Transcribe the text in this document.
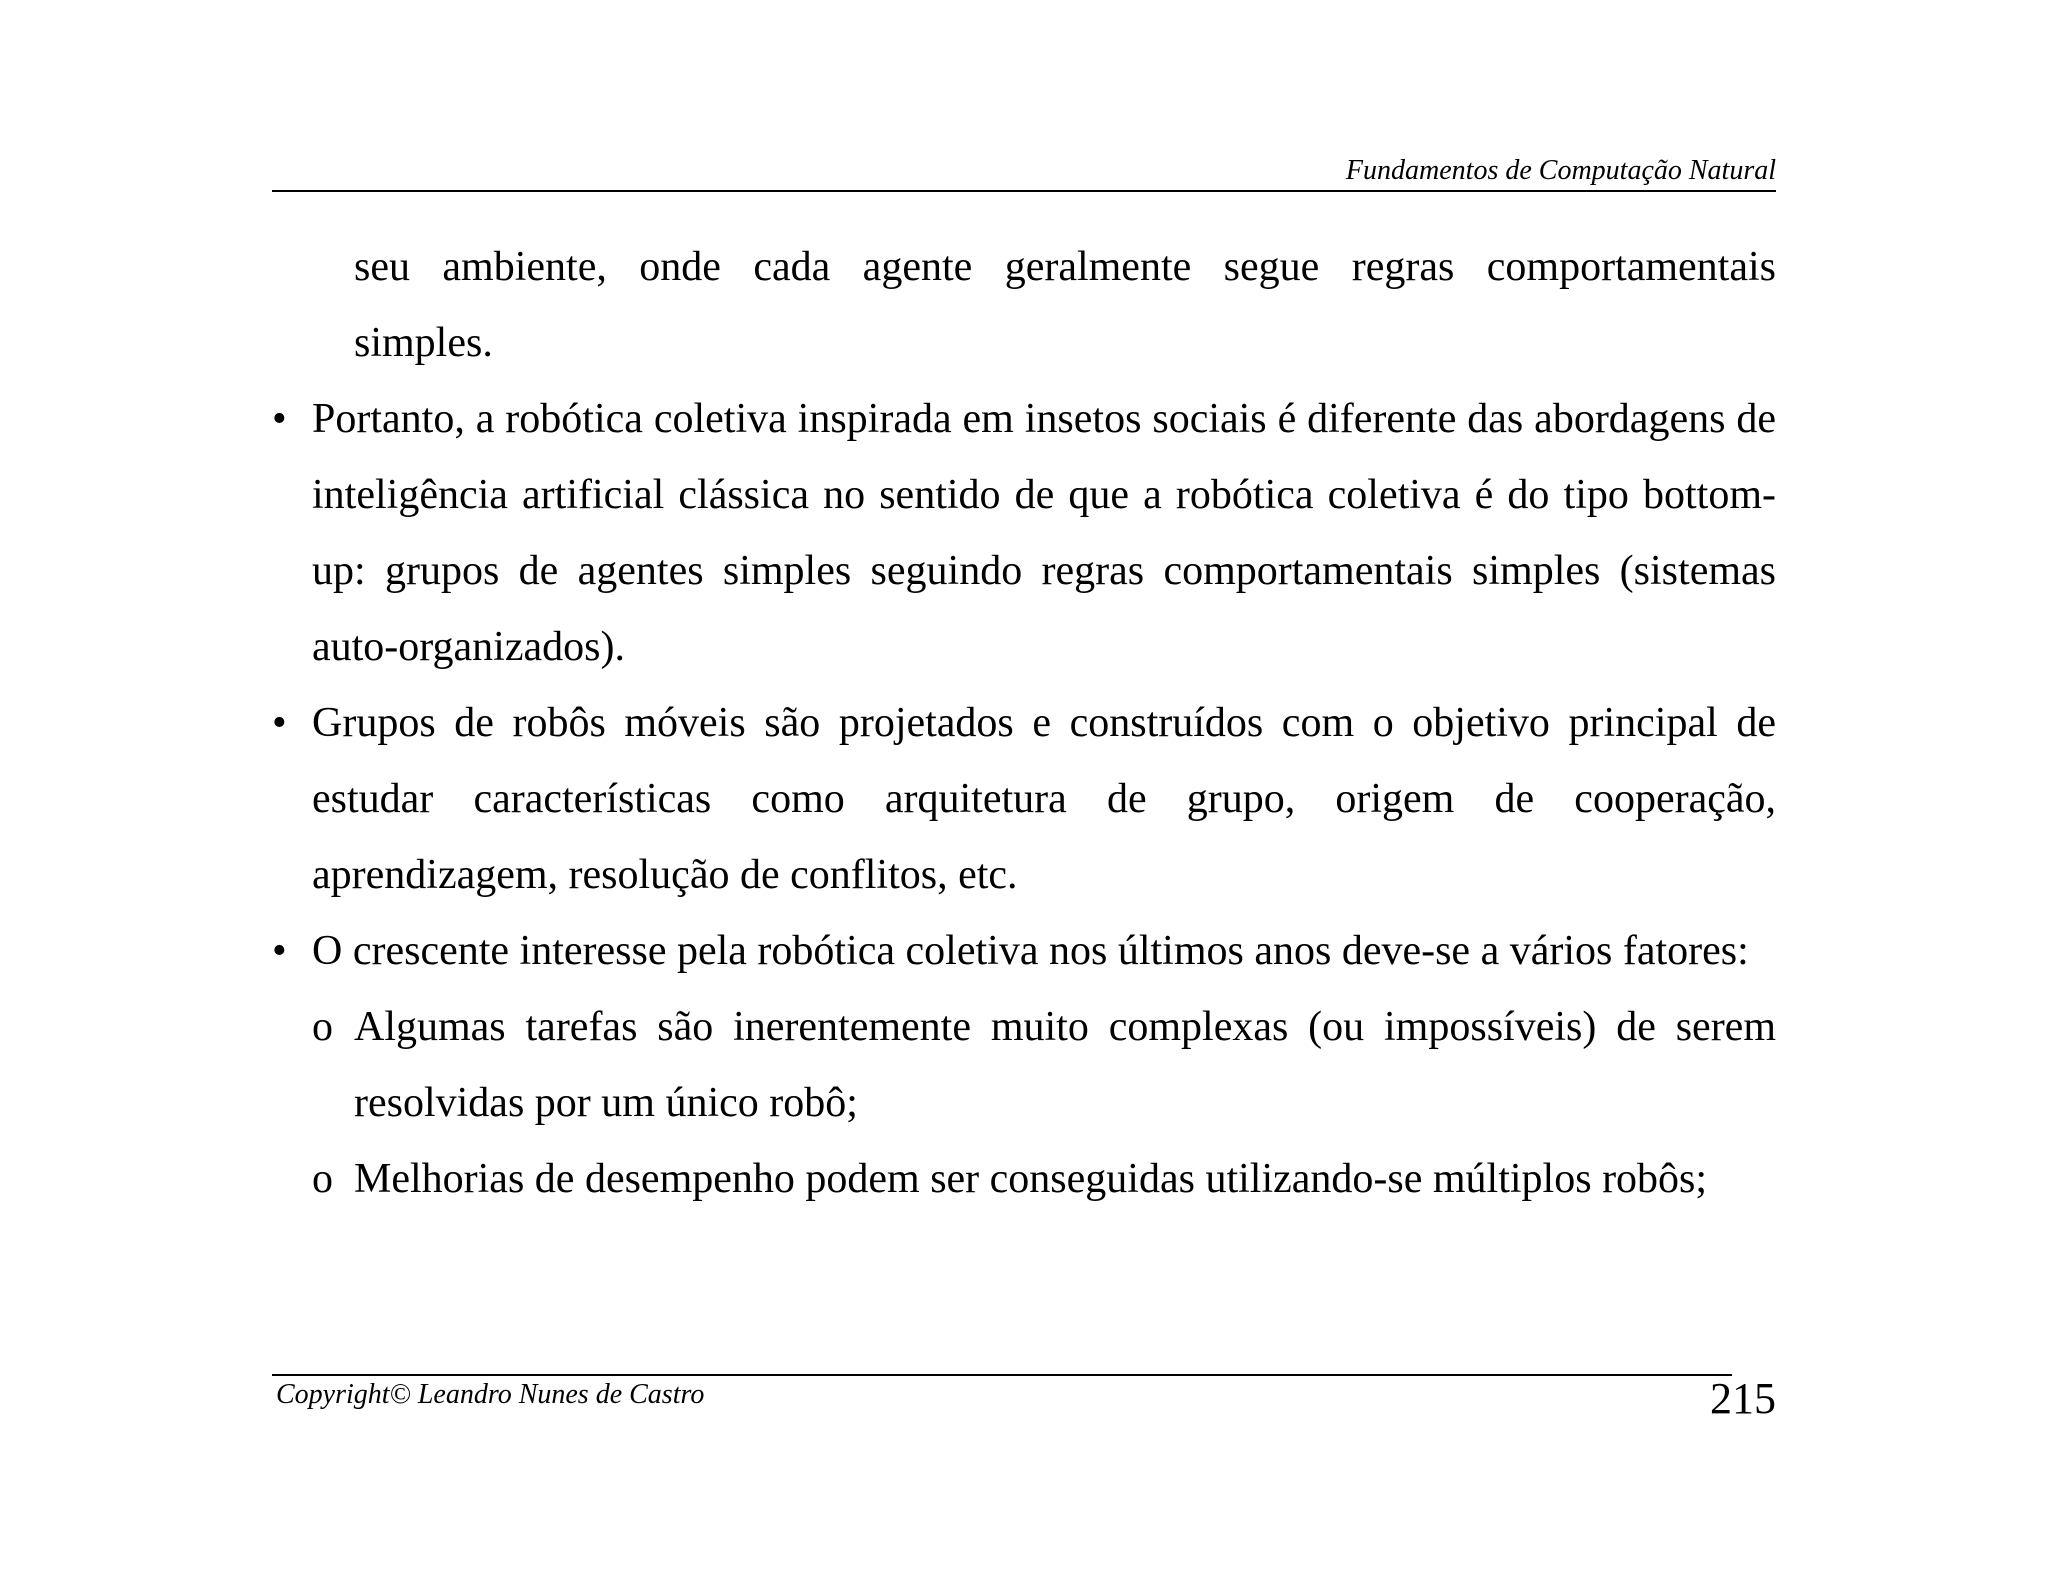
Fundamentos de Computação Natural
seu ambiente, onde cada agente geralmente segue regras comportamentais
simples.
• Portanto, a robótica coletiva inspirada em insetos sociais é diferente das abordagens de inteligência artificial clássica no sentido de que a robótica coletiva é do tipo bottom-up: grupos de agentes simples seguindo regras comportamentais simples (sistemas auto-organizados).
• Grupos de robôs móveis são projetados e construídos com o objetivo principal de estudar características como arquitetura de grupo, origem de cooperação, aprendizagem, resolução de conflitos, etc.
• O crescente interesse pela robótica coletiva nos últimos anos deve-se a vários fatores:
o Algumas tarefas são inerentemente muito complexas (ou impossíveis) de serem resolvidas por um único robô;
o Melhorias de desempenho podem ser conseguidas utilizando-se múltiplos robôs;
Copyright© Leandro Nunes de Castro	215
